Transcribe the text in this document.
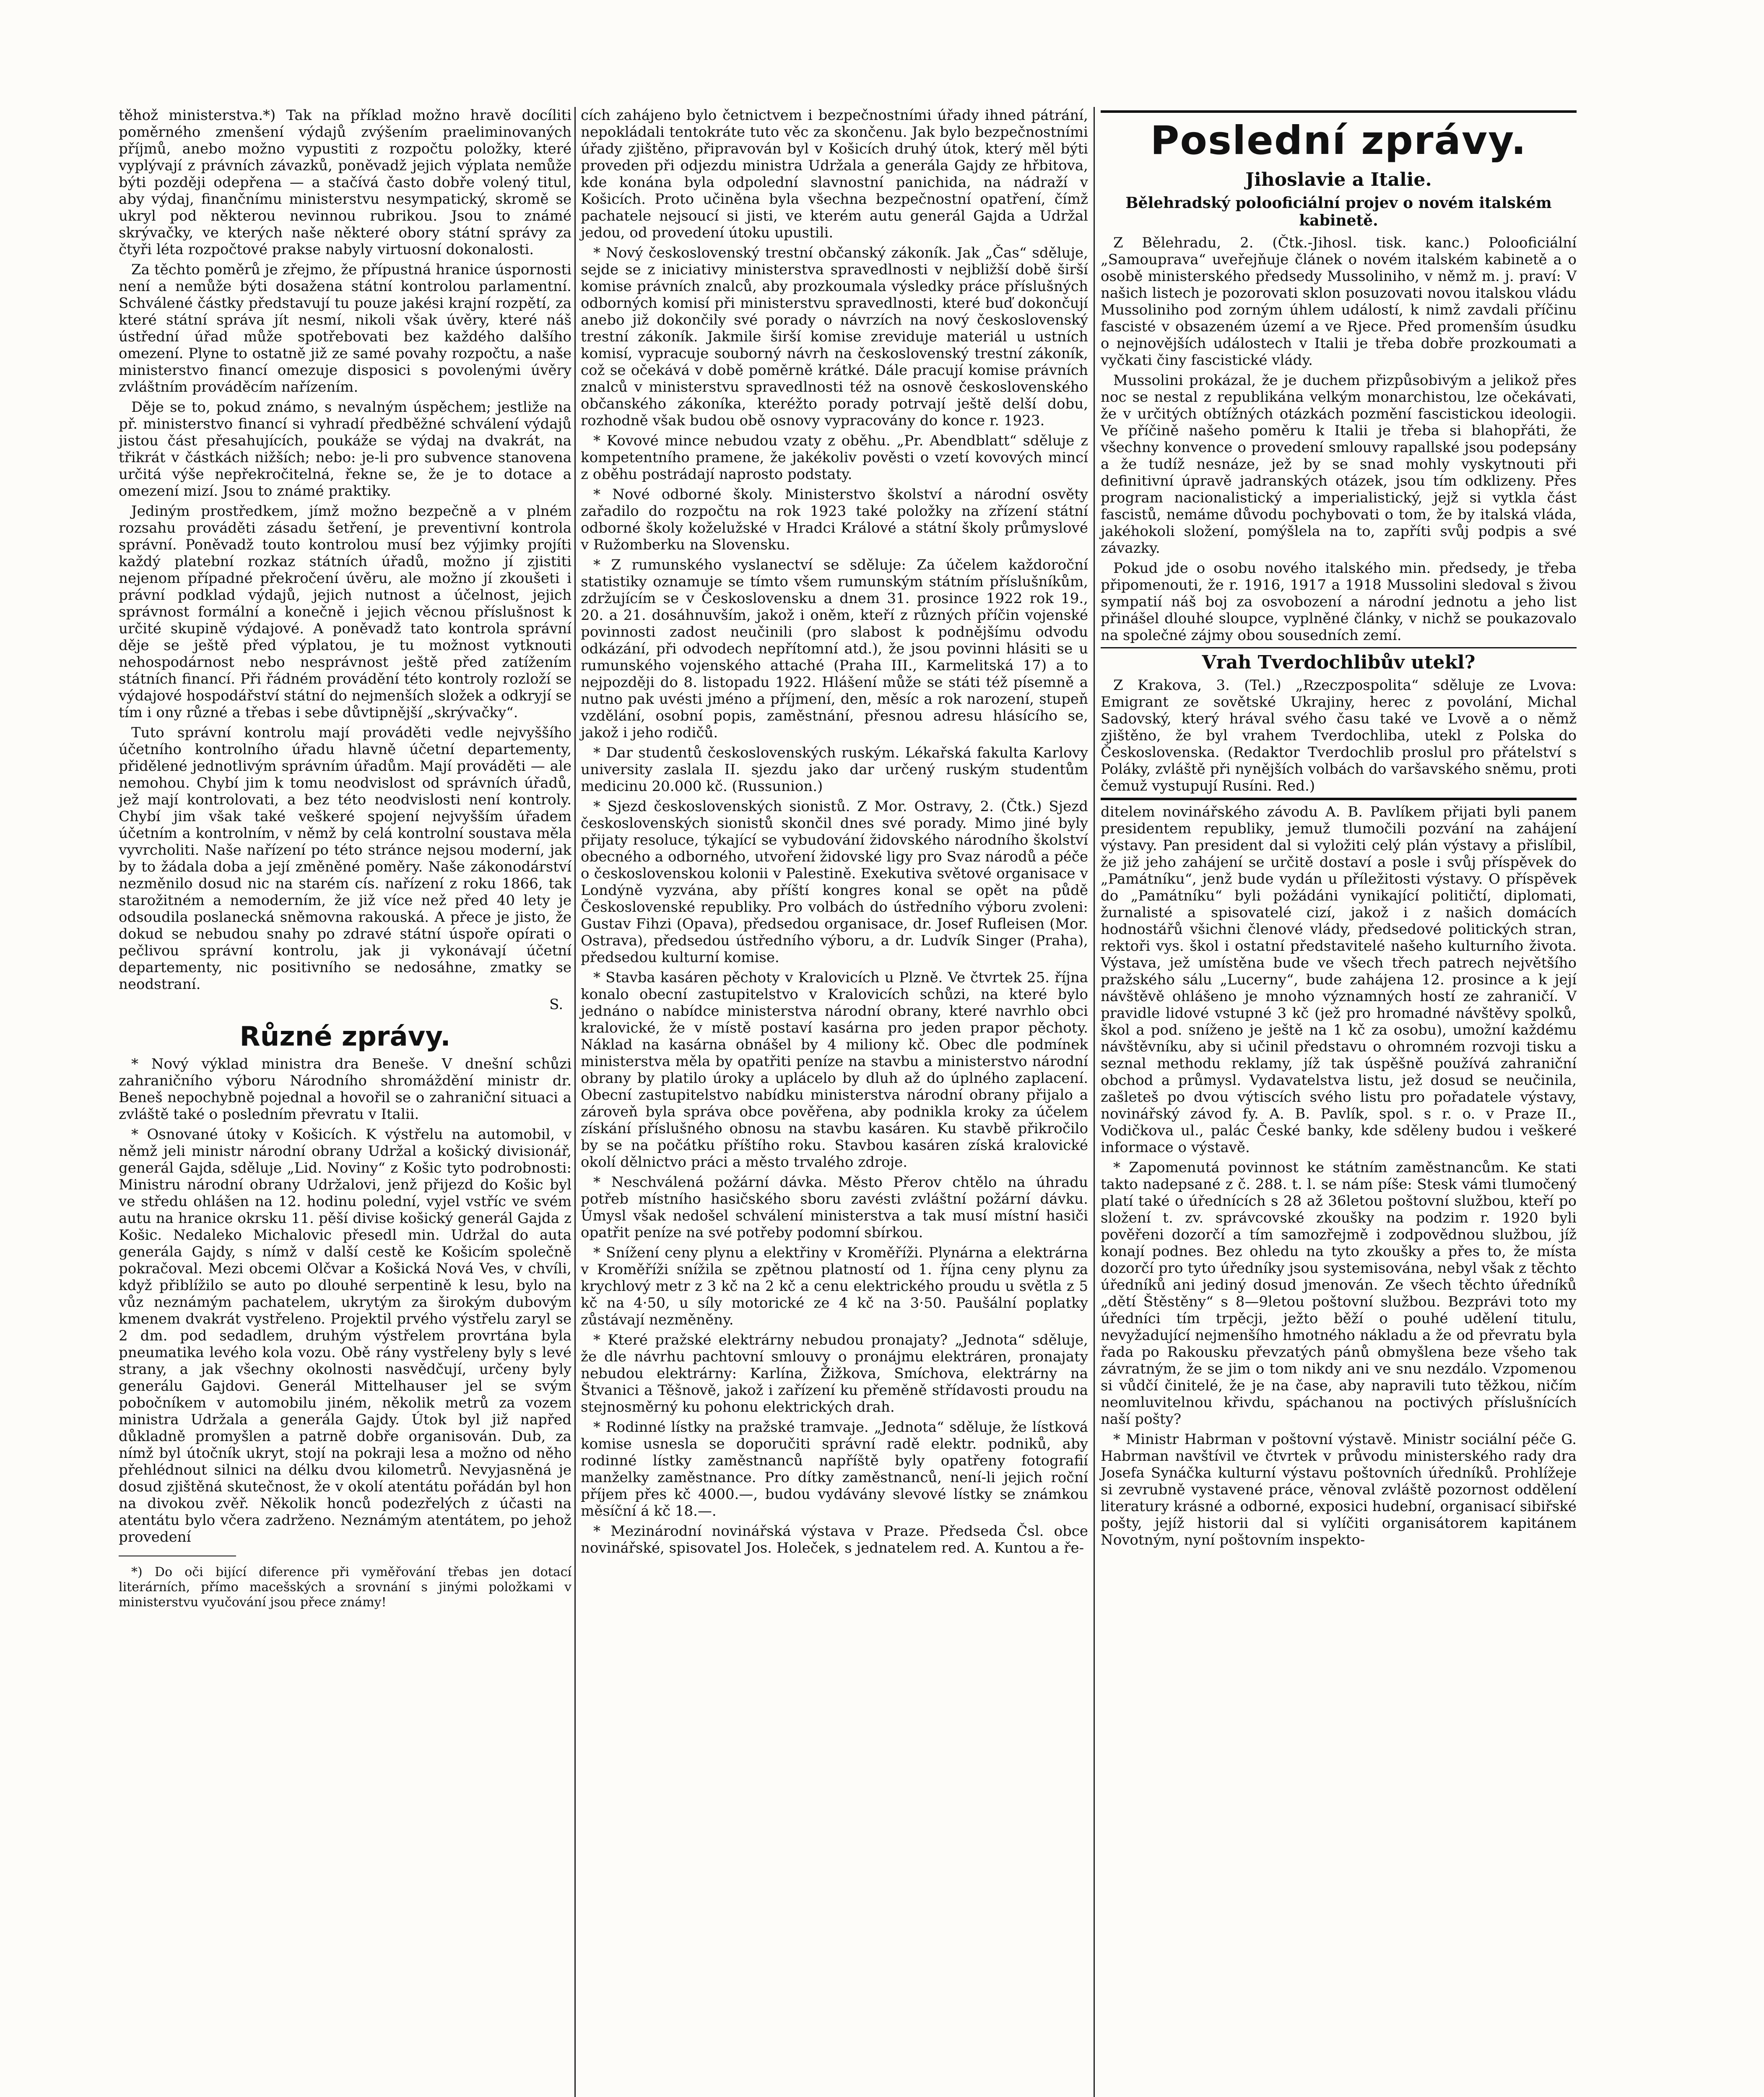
těhož ministerstva.*) Tak na příklad možno hravě docíliti poměrného zmenšení výdajů zvýšením praeliminovaných příjmů, anebo možno vypustiti z rozpočtu položky, které vyplývají z právních závazků, poněvadž jejich výplata nemůže býti později odepřena — a stačívá často dobře volený titul, aby výdaj, finančnímu ministerstvu nesympatický, skromě se ukryl pod některou nevinnou rubrikou. Jsou to známé skrývačky, ve kterých naše některé obory státní správy za čtyři léta rozpočtové prakse nabyly virtuosní dokonalosti.

Za těchto poměrů je zřejmo, že přípustná hranice úspornosti není a nemůže býti dosažena státní kontrolou parlamentní. Schválené částky představují tu pouze jakési krajní rozpětí, za které státní správa jít nesmí, nikoli však úvěry, které náš ústřední úřad může spotřebovati bez každého dalšího omezení. Plyne to ostatně již ze samé povahy rozpočtu, a naše ministerstvo financí omezuje disposici s povolenými úvěry zvláštním prováděcím nařízením.

Děje se to, pokud známo, s nevalným úspěchem; jestliže na př. ministerstvo financí si vyhradí předběžné schválení výdajů jistou část přesahujících, poukáže se výdaj na dvakrát, na třikrát v částkách nižších; nebo: je-li pro subvence stanovena určitá výše nepřekročitelná, řekne se, že je to dotace a omezení mizí. Jsou to známé praktiky.

Jediným prostředkem, jímž možno bezpečně a v plném rozsahu prováděti zásadu šetření, je preventivní kontrola správní. Poněvadž touto kontrolou musí bez výjimky projíti každý platební rozkaz státních úřadů, možno jí zjistiti nejenom případné překročení úvěru, ale možno jí zkoušeti i právní podklad výdajů, jejich nutnost a účelnost, jejich správnost formální a konečně i jejich věcnou příslušnost k určité skupině výdajové. A poněvadž tato kontrola správní děje se ještě před výplatou, je tu možnost vytknouti nehospodárnost nebo nesprávnost ještě před zatížením státních financí. Při řádném provádění této kontroly rozloží se výdajové hospodářství státní do nejmenších složek a odkryjí se tím i ony různé a třebas i sebe důvtipnější „skrývačky“.

Tuto správní kontrolu mají prováděti vedle nejvyššího účetního kontrolního úřadu hlavně účetní departementy, přidělené jednotlivým správním úřadům. Mají prováděti — ale nemohou. Chybí jim k tomu neodvislost od správních úřadů, jež mají kontrolovati, a bez této neodvislosti není kontroly. Chybí jim však také veškeré spojení nejvyšším úřadem účetním a kontrolním, v němž by celá kontrolní soustava měla vyvrcholiti. Naše nařízení po této stránce nejsou moderní, jak by to žádala doba a její změněné poměry. Naše zákonodárství nezměnilo dosud nic na starém cís. nařízení z roku 1866, tak starožitném a nemoderním, že již více než před 40 lety je odsoudila poslanecká sněmovna rakouská. A přece je jisto, že dokud se nebudou snahy po zdravé státní úspoře opírati o pečlivou správní kontrolu, jak ji vykonávají účetní departementy, nic positivního se nedosáhne, zmatky se neodstraní.

S.
Různé zprávy.

* Nový výklad ministra dra Beneše. V dnešní schůzi zahraničního výboru Národního shromáždění ministr dr. Beneš nepochybně pojednal a hovořil se o zahraniční situaci a zvláště také o posledním převratu v Italii.

* Osnované útoky v Košicích. K výstřelu na automobil, v němž jeli ministr národní obrany Udržal a košický divisionář, generál Gajda, sděluje „Lid. Noviny“ z Košic tyto podrobnosti: Ministru národní obrany Udržalovi, jenž přijezd do Košic byl ve středu ohlášen na 12. hodinu polední, vyjel vstříc ve svém autu na hranice okrsku 11. pěší divise košický generál Gajda z Košic. Nedaleko Michalovic přesedl min. Udržal do auta generála Gajdy, s nímž v další cestě ke Košicím společně pokračoval. Mezi obcemi Olčvar a Košická Nová Ves, v chvíli, když přiblížilo se auto po dlouhé serpentině k lesu, bylo na vůz neznámým pachatelem, ukrytým za širokým dubovým kmenem dvakrát vystřeleno. Projektil prvého výstřelu zaryl se 2 dm. pod sedadlem, druhým výstřelem provrtána byla pneumatika levého kola vozu. Obě rány vystřeleny byly s levé strany, a jak všechny okolnosti nasvědčují, určeny byly generálu Gajdovi. Generál Mittelhauser jel se svým pobočníkem v automobilu jiném, několik metrů za vozem ministra Udržala a generála Gajdy. Útok byl již napřed důkladně promyšlen a patrně dobře organisován. Dub, za nímž byl útočník ukryt, stojí na pokraji lesa a možno od něho přehlédnout silnici na délku dvou kilometrů. Nevyjasněná je dosud zjištěná skutečnost, že v okolí atentátu pořádán byl hon na divokou zvěř. Několik honců podezřelých z účasti na atentátu bylo včera zadrženo. Neznámým atentátem, po jehož provedení

*) Do oči bijící diference při vyměřování třebas jen dotací literárních, přímo macešských a srovnání s jinými položkami v ministerstvu vyučování jsou přece známy!

cích zahájeno bylo četnictvem i bezpečnostními úřady ihned pátrání, nepokládali tentokráte tuto věc za skončenu. Jak bylo bezpečnostními úřady zjištěno, připravován byl v Košicích druhý útok, který měl býti proveden při odjezdu ministra Udržala a generála Gajdy ze hřbitova, kde konána byla odpolední slavnostní panichida, na nádraží v Košicích. Proto učiněna byla všechna bezpečnostní opatření, čímž pachatele nejsoucí si jisti, ve kterém autu generál Gajda a Udržal jedou, od provedení útoku upustili.

* Nový československý trestní občanský zákoník. Jak „Čas“ sděluje, sejde se z iniciativy ministerstva spravedlnosti v nejbližší době širší komise právních znalců, aby prozkoumala výsledky práce příslušných odborných komisí při ministerstvu spravedlnosti, které buď dokončují anebo již dokončily své porady o návrzích na nový československý trestní zákoník. Jakmile širší komise zreviduje materiál u ustních komisí, vypracuje souborný návrh na československý trestní zákoník, což se očekává v době poměrně krátké. Dále pracují komise právních znalců v ministerstvu spravedlnosti též na osnově československého občanského zákoníka, kteréžto porady potrvají ještě delší dobu, rozhodně však budou obě osnovy vypracovány do konce r. 1923.

* Kovové mince nebudou vzaty z oběhu. „Pr. Abendblatt“ sděluje z kompetentního pramene, že jakékoliv pověsti o vzetí kovových mincí z oběhu postrádají naprosto podstaty.

* Nové odborné školy. Ministerstvo školství a národní osvěty zařadilo do rozpočtu na rok 1923 také položky na zřízení státní odborné školy koželužské v Hradci Králové a státní školy průmyslové v Ružomberku na Slovensku.

* Z rumunského vyslanectví se sděluje: Za účelem každoroční statistiky oznamuje se tímto všem rumunským státním příslušníkům, zdržujícím se v Československu a dnem 31. prosince 1922 rok 19., 20. a 21. dosáhnuvším, jakož i oněm, kteří z různých příčin vojenské povinnosti zadost neučinili (pro slabost k podnějšímu odvodu odkázání, při odvodech nepřítomní atd.), že jsou povinni hlásiti se u rumunského vojenského attaché (Praha III., Karmelitská 17) a to nejpozději do 8. listopadu 1922. Hlášení může se státi též písemně a nutno pak uvésti jméno a příjmení, den, měsíc a rok narození, stupeň vzdělání, osobní popis, zaměstnání, přesnou adresu hlásícího se, jakož i jeho rodičů.

* Dar studentů československých ruským. Lékařská fakulta Karlovy university zaslala II. sjezdu jako dar určený ruským studentům medicinu 20.000 kč. (Russunion.)

* Sjezd československých sionistů. Z Mor. Ostravy, 2. (Čtk.) Sjezd československých sionistů skončil dnes své porady. Mimo jiné byly přijaty resoluce, týkající se vybudování židovského národního školství obecného a odborného, utvoření židovské ligy pro Svaz národů a péče o československou kolonii v Palestině. Exekutiva světové organisace v Londýně vyzvána, aby příští kongres konal se opět na půdě Československé republiky. Pro volbách do ústředního výboru zvoleni: Gustav Fihzi (Opava), předsedou organisace, dr. Josef Rufleisen (Mor. Ostrava), předsedou ústředního výboru, a dr. Ludvík Singer (Praha), předsedou kulturní komise.

* Stavba kasáren pěchoty v Kralovicích u Plzně. Ve čtvrtek 25. října konalo obecní zastupitelstvo v Kralovicích schůzi, na které bylo jednáno o nabídce ministerstva národní obrany, které navrhlo obci kralovické, že v místě postaví kasárna pro jeden prapor pěchoty. Náklad na kasárna obnášel by 4 miliony kč. Obec dle podmínek ministerstva měla by opatřiti peníze na stavbu a ministerstvo národní obrany by platilo úroky a uplácelo by dluh až do úplného zaplacení. Obecní zastupitelstvo nabídku ministerstva národní obrany přijalo a zároveň byla správa obce pověřena, aby podnikla kroky za účelem získání příslušného obnosu na stavbu kasáren. Ku stavbě přikročilo by se na počátku příštího roku. Stavbou kasáren získá kralovické okolí dělnictvo práci a město trvalého zdroje.

* Neschválená požární dávka. Město Přerov chtělo na úhradu potřeb místního hasičského sboru zavésti zvláštní požární dávku. Úmysl však nedošel schválení ministerstva a tak musí místní hasiči opatřit peníze na své potřeby podomní sbírkou.

* Snížení ceny plynu a elektřiny v Kroměříži. Plynárna a elektrárna v Kroměříži snížila se zpětnou platností od 1. října ceny plynu za krychlový metr z 3 kč na 2 kč a cenu elektrického proudu u světla z 5 kč na 4·50, u síly motorické ze 4 kč na 3·50. Paušální poplatky zůstávají nezměněny.

* Které pražské elektrárny nebudou pronajaty? „Jednota“ sděluje, že dle návrhu pachtovní smlouvy o pronájmu elektráren, pronajaty nebudou elektrárny: Karlína, Žižkova, Smíchova, elektrárny na Štvanici a Těšnově, jakož i zařízení ku přeměně střídavosti proudu na stejnosměrný ku pohonu elektrických drah.

* Rodinné lístky na pražské tramvaje. „Jednota“ sděluje, že lístková komise usnesla se doporučiti správní radě elektr. podniků, aby rodinné lístky zaměstnanců napříště byly opatřeny fotografií manželky zaměstnance. Pro dítky zaměstnanců, není-li jejich roční příjem přes kč 4000.—, budou vydávány slevové lístky se známkou měsíční á kč 18.—.

* Mezinárodní novinářská výstava v Praze. Předseda Čsl. obce novinářské, spisovatel Jos. Holeček, s jednatelem red. A. Kuntou a ře-

Poslední zprávy.
Jihoslavie a Italie.
Bělehradský polooficiální projev o novém italském kabinetě.

Z Bělehradu, 2. (Čtk.-Jihosl. tisk. kanc.) Polooficiální „Samouprava“ uveřejňuje článek o novém italském kabinetě a o osobě ministerského předsedy Mussoliniho, v němž m. j. praví: V našich listech je pozorovati sklon posuzovati novou italskou vládu Mussoliniho pod zorným úhlem událostí, k nimž zavdali příčinu fascisté v obsazeném území a ve Rjece. Před promenším úsudku o nejnovějších událostech v Italii je třeba dobře prozkoumati a vyčkati činy fascistické vlády.

Mussolini prokázal, že je duchem přizpůsobivým a jelikož přes noc se nestal z republikána velkým monarchistou, lze očekávati, že v určitých obtížných otázkách pozmění fascistickou ideologii. Ve příčině našeho poměru k Italii je třeba si blahopřáti, že všechny konvence o provedení smlouvy rapallské jsou podepsány a že tudíž nesnáze, jež by se snad mohly vyskytnouti při definitivní úpravě jadranských otázek, jsou tím odklizeny. Přes program nacionalistický a imperialistický, jejž si vytkla část fascistů, nemáme důvodu pochybovati o tom, že by italská vláda, jakéhokoli složení, pomýšlela na to, zapříti svůj podpis a své závazky.

Pokud jde o osobu nového italského min. předsedy, je třeba připomenouti, že r. 1916, 1917 a 1918 Mussolini sledoval s živou sympatií náš boj za osvobození a národní jednotu a jeho list přinášel dlouhé sloupce, vyplněné články, v nichž se poukazovalo na společné zájmy obou sousedních zemí.

Vrah Tverdochlibův utekl?

Z Krakova, 3. (Tel.) „Rzeczpospolita“ sděluje ze Lvova: Emigrant ze sovětské Ukrajiny, herec z povolání, Michal Sadovský, který hrával svého času také ve Lvově a o němž zjištěno, že byl vrahem Tverdochliba, utekl z Polska do Československa. (Redaktor Tverdochlib proslul pro přátelství s Poláky, zvláště při nynějších volbách do varšavského sněmu, proti čemuž vystupují Rusíni. Red.)

ditelem novinářského závodu A. B. Pavlíkem přijati byli panem presidentem republiky, jemuž tlumočili pozvání na zahájení výstavy. Pan president dal si vyložiti celý plán výstavy a přislíbil, že již jeho zahájení se určitě dostaví a posle i svůj příspěvek do „Památníku“, jenž bude vydán u příležitosti výstavy. O příspěvek do „Památníku“ byli požádáni vynikající političtí, diplomati, žurnalisté a spisovatelé cizí, jakož i z našich domácích hodnostářů všichni členové vlády, předsedové politických stran, rektoři vys. škol i ostatní představitelé našeho kulturního života. Výstava, jež umístěna bude ve všech třech patrech největšího pražského sálu „Lucerny“, bude zahájena 12. prosince a k její návštěvě ohlášeno je mnoho významných hostí ze zahraničí. V pravidle lidové vstupné 3 kč (jež pro hromadné návštěvy spolků, škol a pod. sníženo je ještě na 1 kč za osobu), umožní každému návštěvníku, aby si učinil představu o ohromném rozvoji tisku a seznal methodu reklamy, jíž tak úspěšně používá zahraniční obchod a průmysl. Vydavatelstva listu, jež dosud se neučinila, zašleteš po dvou výtiscích svého listu pro pořadatele výstavy, novinářský závod fy. A. B. Pavlík, spol. s r. o. v Praze II., Vodičkova ul., palác České banky, kde sděleny budou i veškeré informace o výstavě.

* Zapomenutá povinnost ke státním zaměstnancům. Ke stati takto nadepsané z č. 288. t. l. se nám píše: Stesk vámi tlumočený platí také o úřednících s 28 až 36letou poštovní službou, kteří po složení t. zv. správcovské zkoušky na podzim r. 1920 byli pověřeni dozorčí a tím samozřejmě i zodpovědnou službou, jíž konají podnes. Bez ohledu na tyto zkoušky a přes to, že místa dozorčí pro tyto úředníky jsou systemisována, nebyl však z těchto úředníků ani jediný dosud jmenován. Ze všech těchto úředníků „dětí Štěstěny“ s 8—9letou poštovní službou. Bezprávi toto my úředníci tím trpěcji, ježto běží o pouhé udělení titulu, nevyžadující nejmenšího hmotného nákladu a že od převratu byla řada po Rakousku převzatých pánů obmyšlena beze všeho tak závratným, že se jim o tom nikdy ani ve snu nezdálo. Vzpomenou si vůdčí činitelé, že je na čase, aby napravili tuto těžkou, ničím neomluvitelnou křivdu, spáchanou na poctivých příslušnících naší pošty?

* Ministr Habrman v poštovní výstavě. Ministr sociální péče G. Habrman navštívil ve čtvrtek v průvodu ministerského rady dra Josefa Synáčka kulturní výstavu poštovních úředníků. Prohlížeje si zevrubně vystavené práce, věnoval zvláště pozornost oddělení literatury krásné a odborné, exposici hudební, organisací sibiřské pošty, jejíž historii dal si vylíčiti organisátorem kapitánem Novotným, nyní poštovním inspekto-
